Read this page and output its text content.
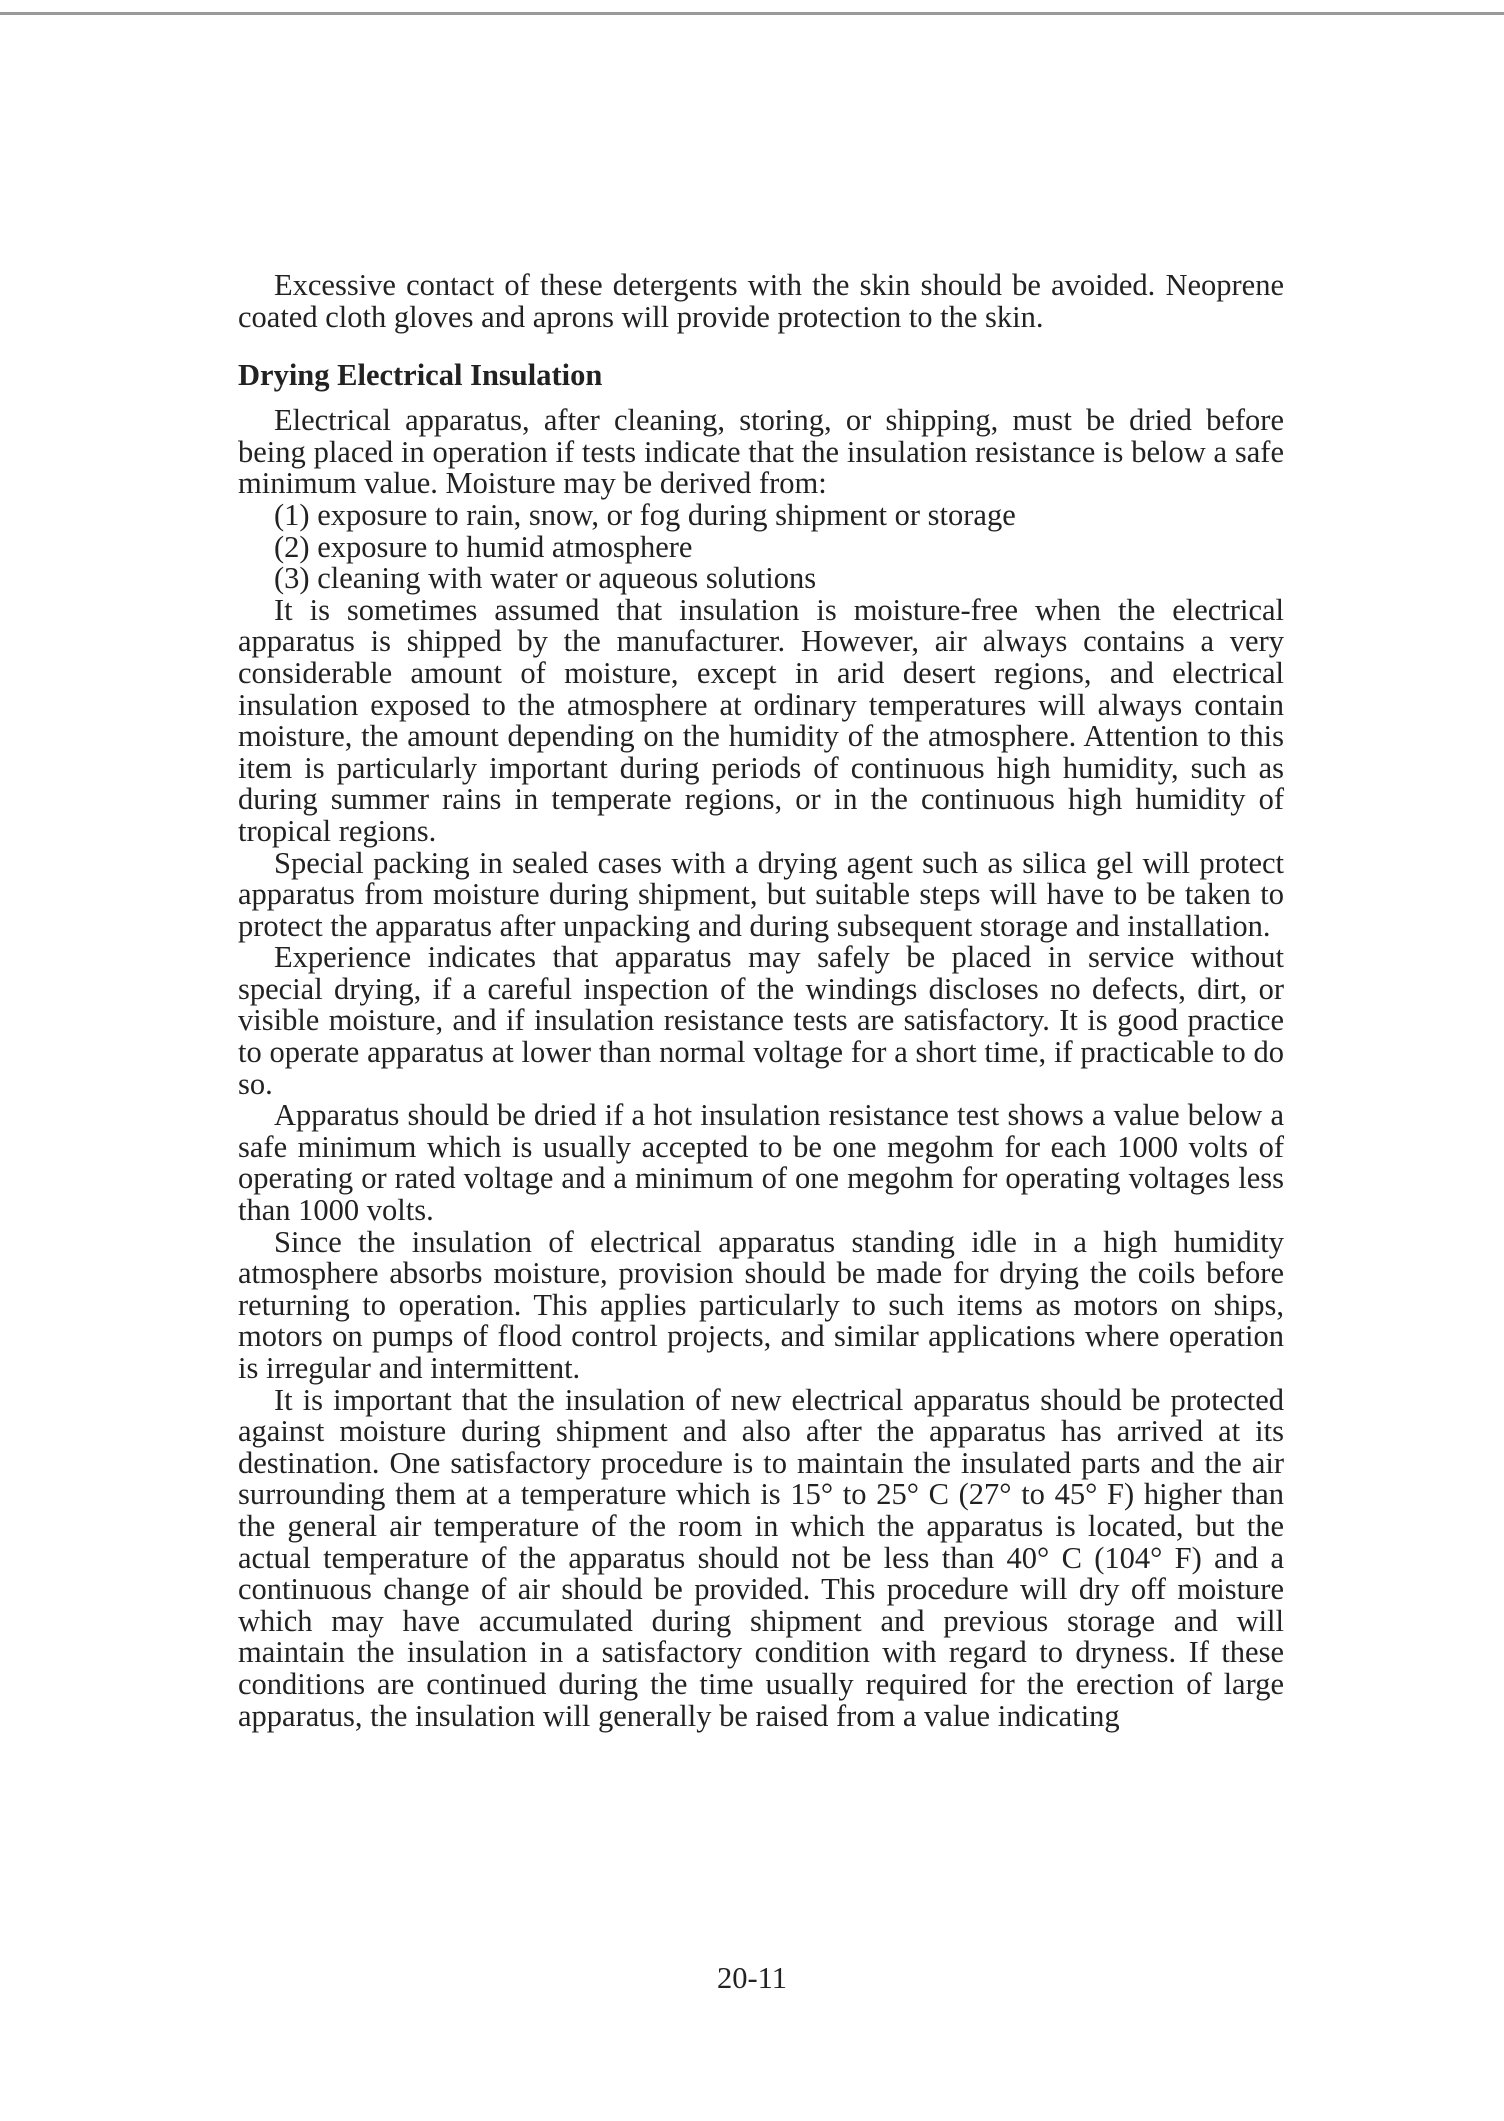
Excessive contact of these detergents with the skin should be avoided. Neoprene coated cloth gloves and aprons will provide protection to the skin.

Drying Electrical Insulation

Electrical apparatus, after cleaning, storing, or shipping, must be dried before being placed in operation if tests indicate that the insulation resistance is below a safe minimum value. Moisture may be derived from:

(1) exposure to rain, snow, or fog during shipment or storage
(2) exposure to humid atmosphere
(3) cleaning with water or aqueous solutions

It is sometimes assumed that insulation is moisture-free when the electrical apparatus is shipped by the manufacturer. However, air always contains a very considerable amount of moisture, except in arid desert regions, and electrical insulation exposed to the atmosphere at ordinary temperatures will always contain moisture, the amount depending on the humidity of the atmosphere. Attention to this item is particularly important during periods of continuous high humidity, such as during summer rains in temperate regions, or in the continuous high humidity of tropical regions.

Special packing in sealed cases with a drying agent such as silica gel will protect apparatus from moisture during shipment, but suitable steps will have to be taken to protect the apparatus after unpacking and during subsequent storage and installation.

Experience indicates that apparatus may safely be placed in service without special drying, if a careful inspection of the windings discloses no defects, dirt, or visible moisture, and if insulation resistance tests are satisfactory. It is good practice to operate apparatus at lower than normal voltage for a short time, if practicable to do so.

Apparatus should be dried if a hot insulation resistance test shows a value below a safe minimum which is usually accepted to be one megohm for each 1000 volts of operating or rated voltage and a minimum of one megohm for operating voltages less than 1000 volts.

Since the insulation of electrical apparatus standing idle in a high humidity atmosphere absorbs moisture, provision should be made for drying the coils before returning to operation. This applies particularly to such items as motors on ships, motors on pumps of flood control projects, and similar applications where operation is irregular and intermittent.

It is important that the insulation of new electrical apparatus should be protected against moisture during shipment and also after the apparatus has arrived at its destination. One satisfactory procedure is to maintain the insulated parts and the air surrounding them at a temperature which is 15° to 25° C (27° to 45° F) higher than the general air temperature of the room in which the apparatus is located, but the actual temperature of the apparatus should not be less than 40° C (104° F) and a continuous change of air should be provided. This procedure will dry off moisture which may have accumulated during shipment and previous storage and will maintain the insulation in a satisfactory condition with regard to dryness. If these conditions are continued during the time usually required for the erection of large apparatus, the insulation will generally be raised from a value indicating

20-11
